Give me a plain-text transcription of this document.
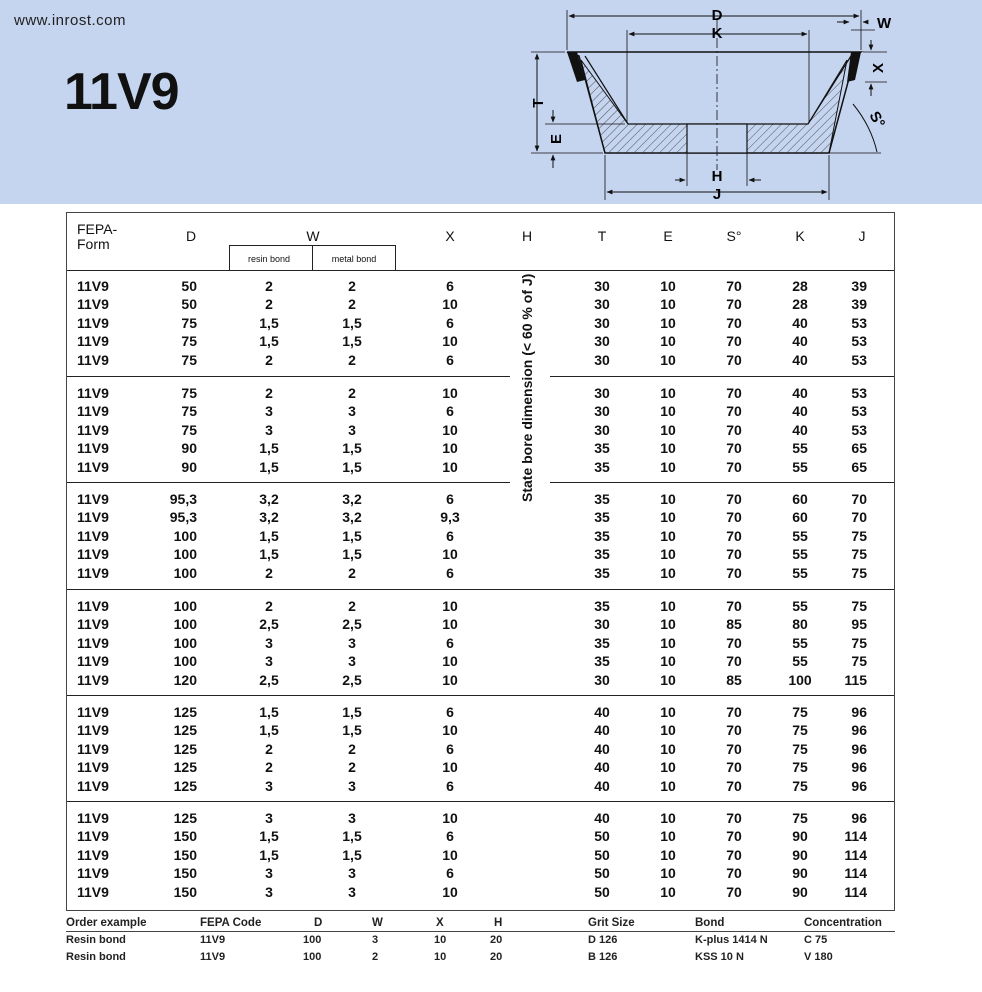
www.inrost.com
11V9
D
K
W
X
T
E
S°
H
J
FEPA-
Form	D	W
resin bond	metal bond
X	H	T	E	S°	K	J
State bore dimension (< 60 % of J)
11V9	50	2	2	6	30	10	70	28	39
11V9	50	2	2	10	30	10	70	28	39
11V9	75	1,5	1,5	6	30	10	70	40	53
11V9	75	1,5	1,5	10	30	10	70	40	53
11V9	75	2	2	6	30	10	70	40	53
11V9	75	2	2	10	30	10	70	40	53
11V9	75	3	3	6	30	10	70	40	53
11V9	75	3	3	10	30	10	70	40	53
11V9	90	1,5	1,5	10	35	10	70	55	65
11V9	90	1,5	1,5	10	35	10	70	55	65
11V9	95,3	3,2	3,2	6	35	10	70	60	70
11V9	95,3	3,2	3,2	9,3	35	10	70	60	70
11V9	100	1,5	1,5	6	35	10	70	55	75
11V9	100	1,5	1,5	10	35	10	70	55	75
11V9	100	2	2	6	35	10	70	55	75
11V9	100	2	2	10	35	10	70	55	75
11V9	100	2,5	2,5	10	30	10	85	80	95
11V9	100	3	3	6	35	10	70	55	75
11V9	100	3	3	10	35	10	70	55	75
11V9	120	2,5	2,5	10	30	10	85	100	115
11V9	125	1,5	1,5	6	40	10	70	75	96
11V9	125	1,5	1,5	10	40	10	70	75	96
11V9	125	2	2	6	40	10	70	75	96
11V9	125	2	2	10	40	10	70	75	96
11V9	125	3	3	6	40	10	70	75	96
11V9	125	3	3	10	40	10	70	75	96
11V9	150	1,5	1,5	6	50	10	70	90	114
11V9	150	1,5	1,5	10	50	10	70	90	114
11V9	150	3	3	6	50	10	70	90	114
11V9	150	3	3	10	50	10	70	90	114
Order example	FEPA Code	D	W	X	H	Grit Size	Bond	Concentration
Resin bond	11V9	100	3	10	20	D 126	K-plus 1414 N	C 75
Resin bond	11V9	100	2	10	20	B 126	KSS 10 N	V 180
